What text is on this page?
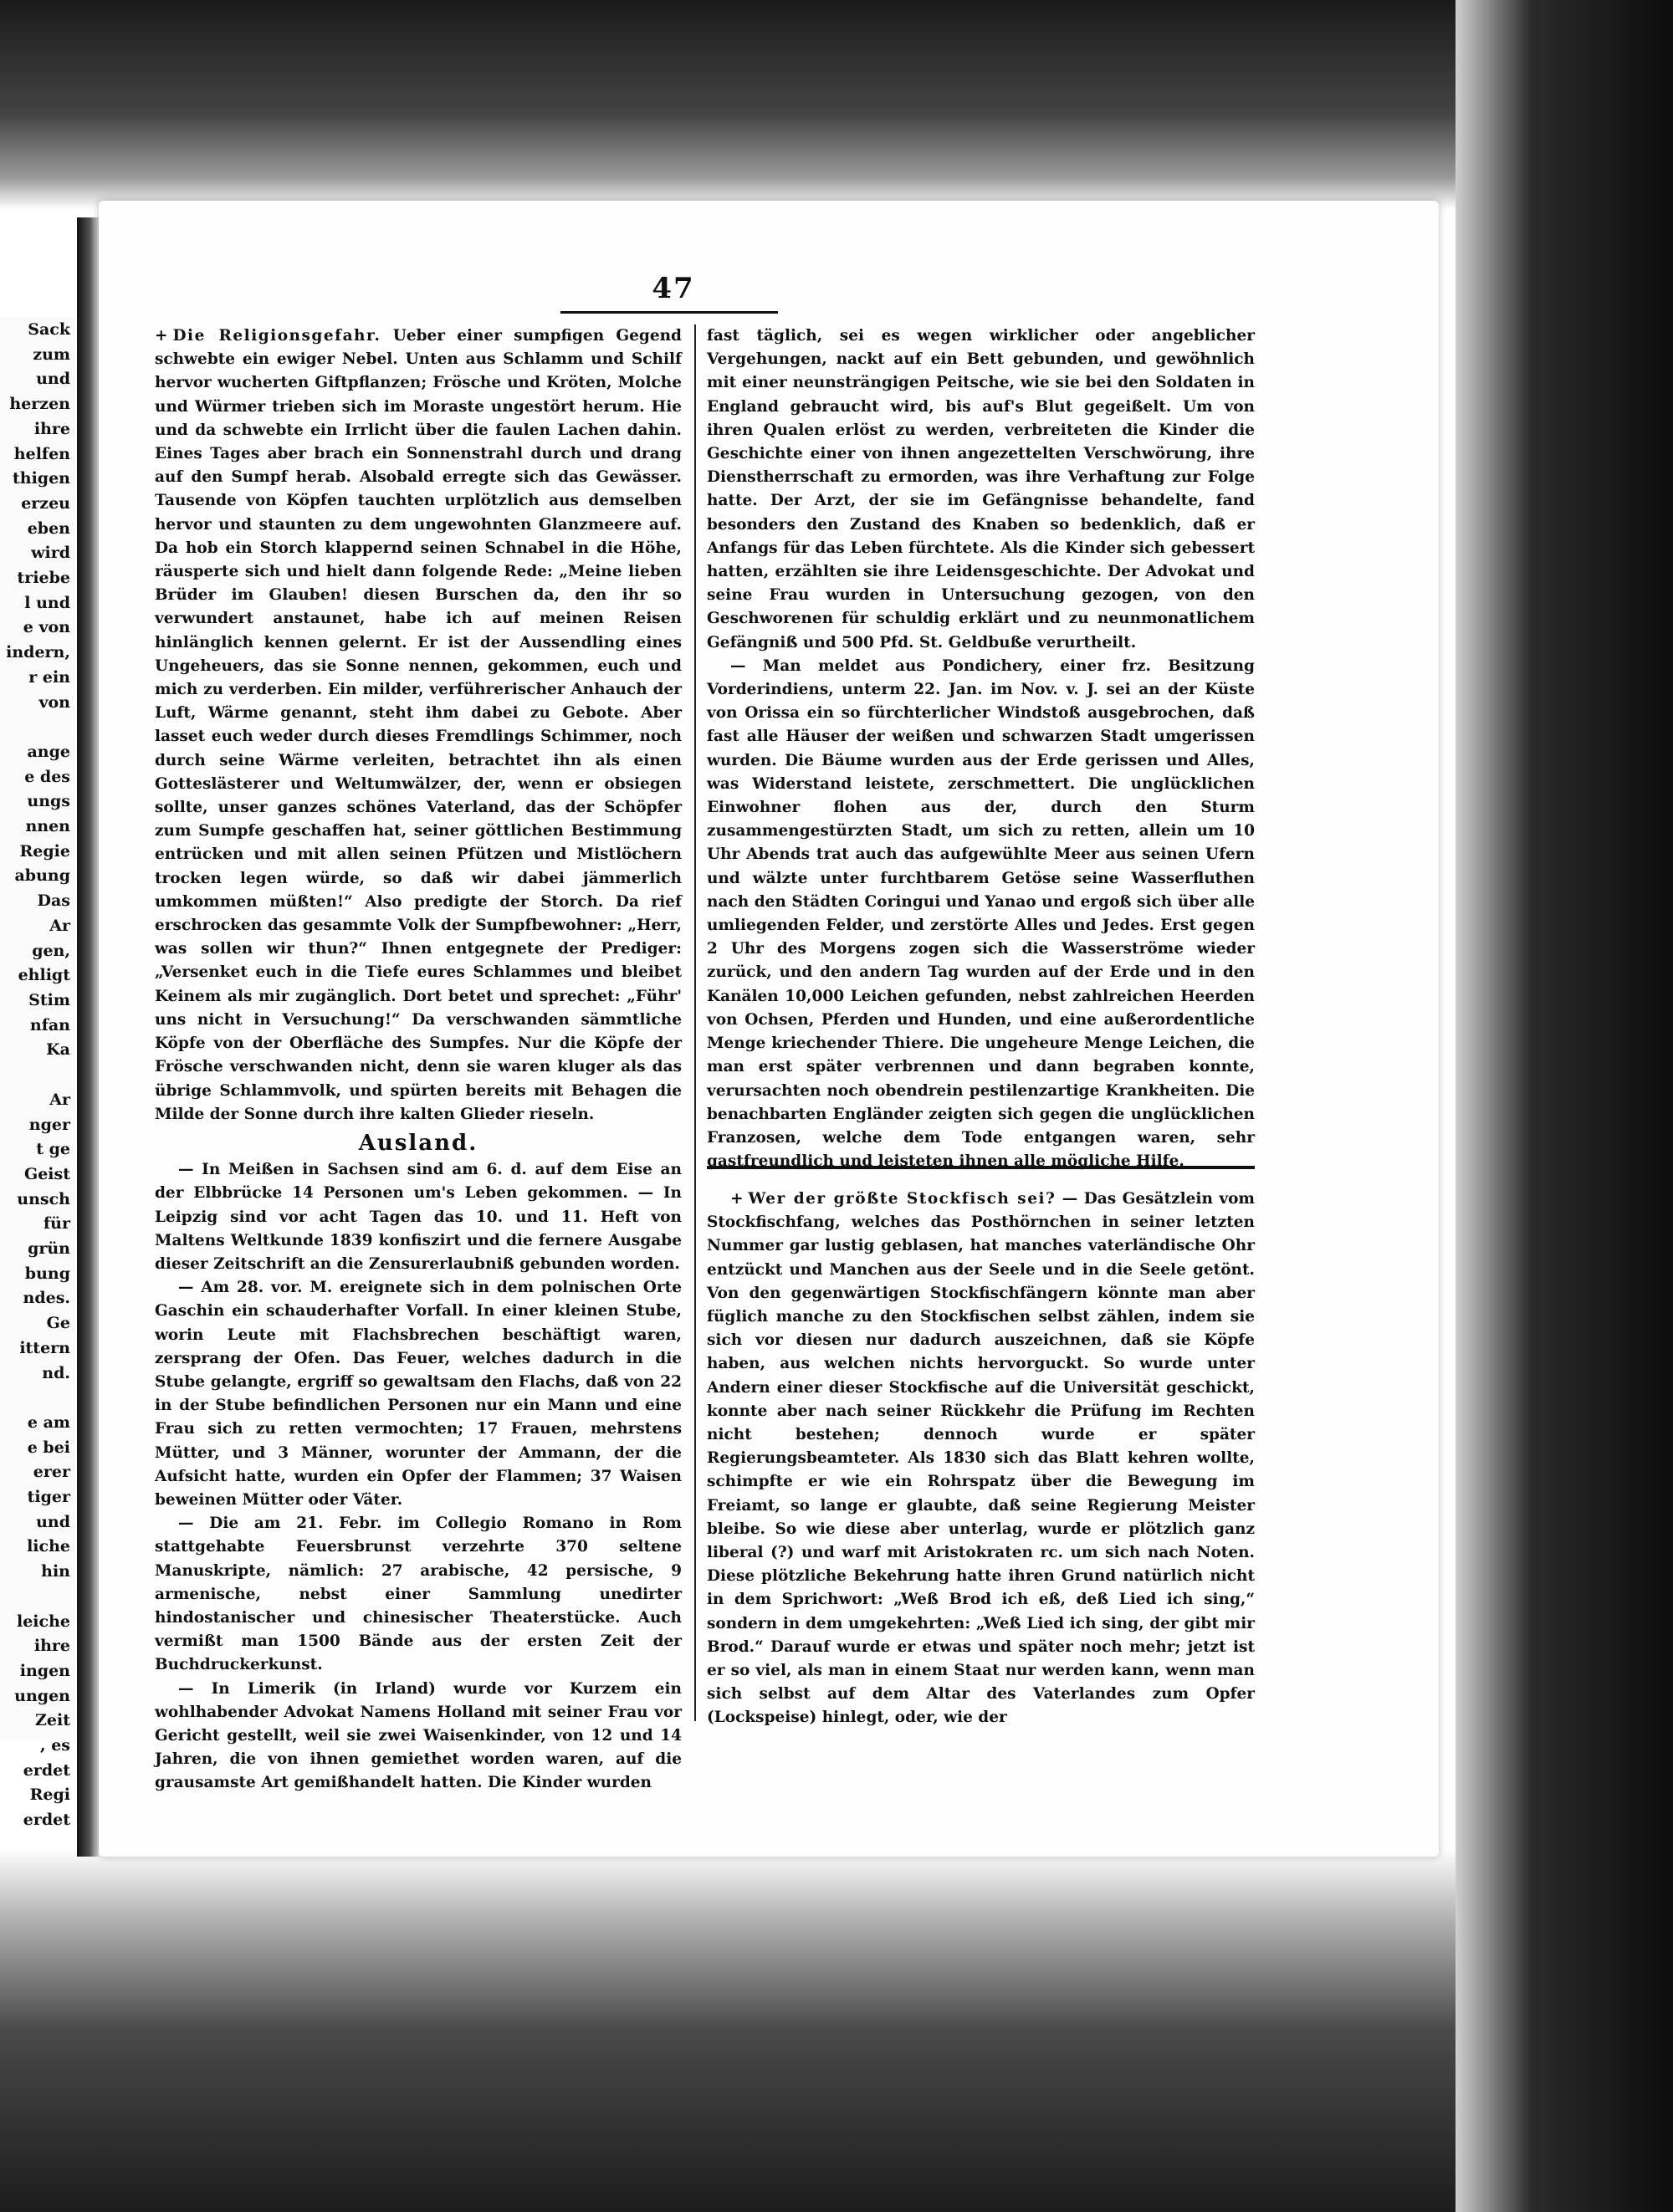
Sack
zum
und
herzen
ihre
helfen
thigen
erzeu
eben
wird
triebe
l und
e von
indern,
r ein
von

ange
e des
ungs
nnen
Regie
abung
Das
Ar
gen,
ehligt
Stim
nfan
Ka

Ar
nger
t ge
Geist
unsch
für
grün
bung
ndes.
Ge
ittern
nd.

e am
e bei
erer
tiger
und
liche
hin

leiche
ihre
ingen
ungen
Zeit
, es
erdet
Regi
erdet
47

+ Die Religionsgefahr. Ueber einer sumpfigen Gegend schwebte ein ewiger Nebel. Unten aus Schlamm und Schilf hervor wucherten Giftpflanzen; Frösche und Kröten, Molche und Würmer trieben sich im Moraste ungestört herum. Hie und da schwebte ein Irrlicht über die faulen Lachen dahin. Eines Tages aber brach ein Sonnenstrahl durch und drang auf den Sumpf herab. Alsobald erregte sich das Gewässer. Tausende von Köpfen tauchten urplötzlich aus demselben hervor und staunten zu dem ungewohnten Glanzmeere auf. Da hob ein Storch klappernd seinen Schnabel in die Höhe, räusperte sich und hielt dann folgende Rede: „Meine lieben Brüder im Glauben! diesen Burschen da, den ihr so verwundert anstaunet, habe ich auf meinen Reisen hinlänglich kennen gelernt. Er ist der Aussendling eines Ungeheuers, das sie Sonne nennen, gekommen, euch und mich zu verderben. Ein milder, verführerischer Anhauch der Luft, Wärme genannt, steht ihm dabei zu Gebote. Aber lasset euch weder durch dieses Fremdlings Schimmer, noch durch seine Wärme verleiten, betrachtet ihn als einen Gotteslästerer und Weltumwälzer, der, wenn er obsiegen sollte, unser ganzes schönes Vaterland, das der Schöpfer zum Sumpfe geschaffen hat, seiner göttlichen Bestimmung entrücken und mit allen seinen Pfützen und Mistlöchern trocken legen würde, so daß wir dabei jämmerlich umkommen müßten!“ Also predigte der Storch. Da rief erschrocken das gesammte Volk der Sumpfbewohner: „Herr, was sollen wir thun?“ Ihnen entgegnete der Prediger: „Versenket euch in die Tiefe eures Schlammes und bleibet Keinem als mir zugänglich. Dort betet und sprechet: „Führ' uns nicht in Versuchung!“ Da verschwanden sämmtliche Köpfe von der Oberfläche des Sumpfes. Nur die Köpfe der Frösche verschwanden nicht, denn sie waren kluger als das übrige Schlammvolk, und spürten bereits mit Behagen die Milde der Sonne durch ihre kalten Glieder rieseln.

Ausland.

— In Meißen in Sachsen sind am 6. d. auf dem Eise an der Elbbrücke 14 Personen um's Leben gekommen. — In Leipzig sind vor acht Tagen das 10. und 11. Heft von Maltens Weltkunde 1839 konfiszirt und die fernere Ausgabe dieser Zeitschrift an die Zensurerlaubniß gebunden worden.

— Am 28. vor. M. ereignete sich in dem polnischen Orte Gaschin ein schauderhafter Vorfall. In einer kleinen Stube, worin Leute mit Flachsbrechen beschäftigt waren, zersprang der Ofen. Das Feuer, welches dadurch in die Stube gelangte, ergriff so gewaltsam den Flachs, daß von 22 in der Stube befindlichen Personen nur ein Mann und eine Frau sich zu retten vermochten; 17 Frauen, mehrstens Mütter, und 3 Männer, worunter der Ammann, der die Aufsicht hatte, wurden ein Opfer der Flammen; 37 Waisen beweinen Mütter oder Väter.

— Die am 21. Febr. im Collegio Romano in Rom stattgehabte Feuersbrunst verzehrte 370 seltene Manuskripte, nämlich: 27 arabische, 42 persische, 9 armenische, nebst einer Sammlung unedirter hindostanischer und chinesischer Theaterstücke. Auch vermißt man 1500 Bände aus der ersten Zeit der Buchdruckerkunst.

— In Limerik (in Irland) wurde vor Kurzem ein wohlhabender Advokat Namens Holland mit seiner Frau vor Gericht gestellt, weil sie zwei Waisenkinder, von 12 und 14 Jahren, die von ihnen gemiethet worden waren, auf die grausamste Art gemißhandelt hatten. Die Kinder wurden

fast täglich, sei es wegen wirklicher oder angeblicher Vergehungen, nackt auf ein Bett gebunden, und gewöhnlich mit einer neunsträngigen Peitsche, wie sie bei den Soldaten in England gebraucht wird, bis auf's Blut gegeißelt. Um von ihren Qualen erlöst zu werden, verbreiteten die Kinder die Geschichte einer von ihnen angezettelten Verschwörung, ihre Dienstherrschaft zu ermorden, was ihre Verhaftung zur Folge hatte. Der Arzt, der sie im Gefängnisse behandelte, fand besonders den Zustand des Knaben so bedenklich, daß er Anfangs für das Leben fürchtete. Als die Kinder sich gebessert hatten, erzählten sie ihre Leidensgeschichte. Der Advokat und seine Frau wurden in Untersuchung gezogen, von den Geschworenen für schuldig erklärt und zu neunmonatlichem Gefängniß und 500 Pfd. St. Geldbuße verurtheilt.

— Man meldet aus Pondichery, einer frz. Besitzung Vorderindiens, unterm 22. Jan. im Nov. v. J. sei an der Küste von Orissa ein so fürchterlicher Windstoß ausgebrochen, daß fast alle Häuser der weißen und schwarzen Stadt umgerissen wurden. Die Bäume wurden aus der Erde gerissen und Alles, was Widerstand leistete, zerschmettert. Die unglücklichen Einwohner flohen aus der, durch den Sturm zusammengestürzten Stadt, um sich zu retten, allein um 10 Uhr Abends trat auch das aufgewühlte Meer aus seinen Ufern und wälzte unter furchtbarem Getöse seine Wasserfluthen nach den Städten Coringui und Yanao und ergoß sich über alle umliegenden Felder, und zerstörte Alles und Jedes. Erst gegen 2 Uhr des Morgens zogen sich die Wasserströme wieder zurück, und den andern Tag wurden auf der Erde und in den Kanälen 10,000 Leichen gefunden, nebst zahlreichen Heerden von Ochsen, Pferden und Hunden, und eine außerordentliche Menge kriechender Thiere. Die ungeheure Menge Leichen, die man erst später verbrennen und dann begraben konnte, verursachten noch obendrein pestilenzartige Krankheiten. Die benachbarten Engländer zeigten sich gegen die unglücklichen Franzosen, welche dem Tode entgangen waren, sehr gastfreundlich und leisteten ihnen alle mögliche Hilfe.

+ Wer der größte Stockfisch sei? — Das Gesätzlein vom Stockfischfang, welches das Posthörnchen in seiner letzten Nummer gar lustig geblasen, hat manches vaterländische Ohr entzückt und Manchen aus der Seele und in die Seele getönt. Von den gegenwärtigen Stockfischfängern könnte man aber füglich manche zu den Stockfischen selbst zählen, indem sie sich vor diesen nur dadurch auszeichnen, daß sie Köpfe haben, aus welchen nichts hervorguckt. So wurde unter Andern einer dieser Stockfische auf die Universität geschickt, konnte aber nach seiner Rückkehr die Prüfung im Rechten nicht bestehen; dennoch wurde er später Regierungsbeamteter. Als 1830 sich das Blatt kehren wollte, schimpfte er wie ein Rohrspatz über die Bewegung im Freiamt, so lange er glaubte, daß seine Regierung Meister bleibe. So wie diese aber unterlag, wurde er plötzlich ganz liberal (?) und warf mit Aristokraten rc. um sich nach Noten. Diese plötzliche Bekehrung hatte ihren Grund natürlich nicht in dem Sprichwort: „Weß Brod ich eß, deß Lied ich sing,“ sondern in dem umgekehrten: „Weß Lied ich sing, der gibt mir Brod.“ Darauf wurde er etwas und später noch mehr; jetzt ist er so viel, als man in einem Staat nur werden kann, wenn man sich selbst auf dem Altar des Vaterlandes zum Opfer (Lockspeise) hinlegt, oder, wie der
